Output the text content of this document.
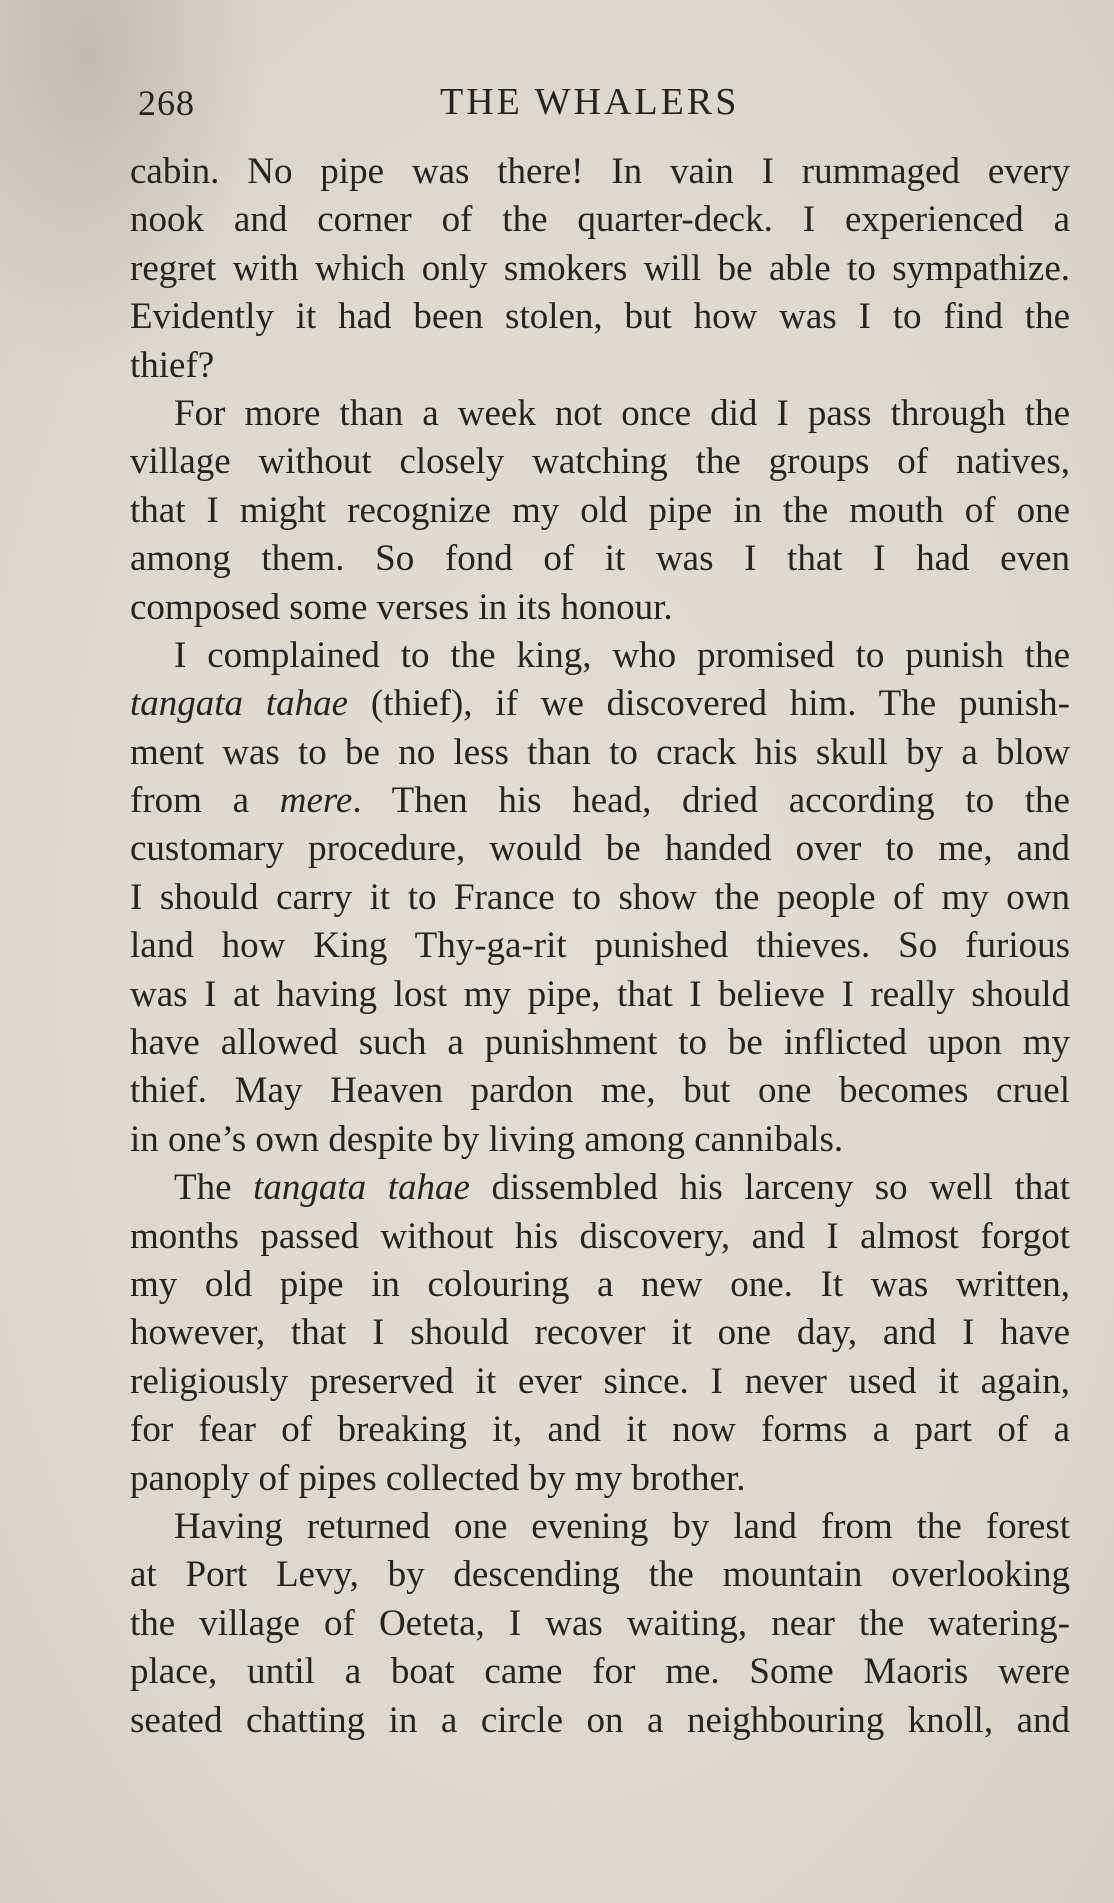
268	THE WHALERS
cabin. No pipe was there! In vain I rummaged every
nook and corner of the quarter-deck. I experienced a
regret with which only smokers will be able to sympathize.
Evidently it had been stolen, but how was I to find the
thief?
For more than a week not once did I pass through the
village without closely watching the groups of natives,
that I might recognize my old pipe in the mouth of one
among them. So fond of it was I that I had even
composed some verses in its honour.
I complained to the king, who promised to punish the
tangata tahae (thief), if we discovered him. The punish-
ment was to be no less than to crack his skull by a blow
from a mere. Then his head, dried according to the
customary procedure, would be handed over to me, and
I should carry it to France to show the people of my own
land how King Thy-ga-rit punished thieves. So furious
was I at having lost my pipe, that I believe I really should
have allowed such a punishment to be inflicted upon my
thief. May Heaven pardon me, but one becomes cruel
in one’s own despite by living among cannibals.
The tangata tahae dissembled his larceny so well that
months passed without his discovery, and I almost forgot
my old pipe in colouring a new one. It was written,
however, that I should recover it one day, and I have
religiously preserved it ever since. I never used it again,
for fear of breaking it, and it now forms a part of a
panoply of pipes collected by my brother.
Having returned one evening by land from the forest
at Port Levy, by descending the mountain overlooking
the village of Oeteta, I was waiting, near the watering-
place, until a boat came for me. Some Maoris were
seated chatting in a circle on a neighbouring knoll, and
